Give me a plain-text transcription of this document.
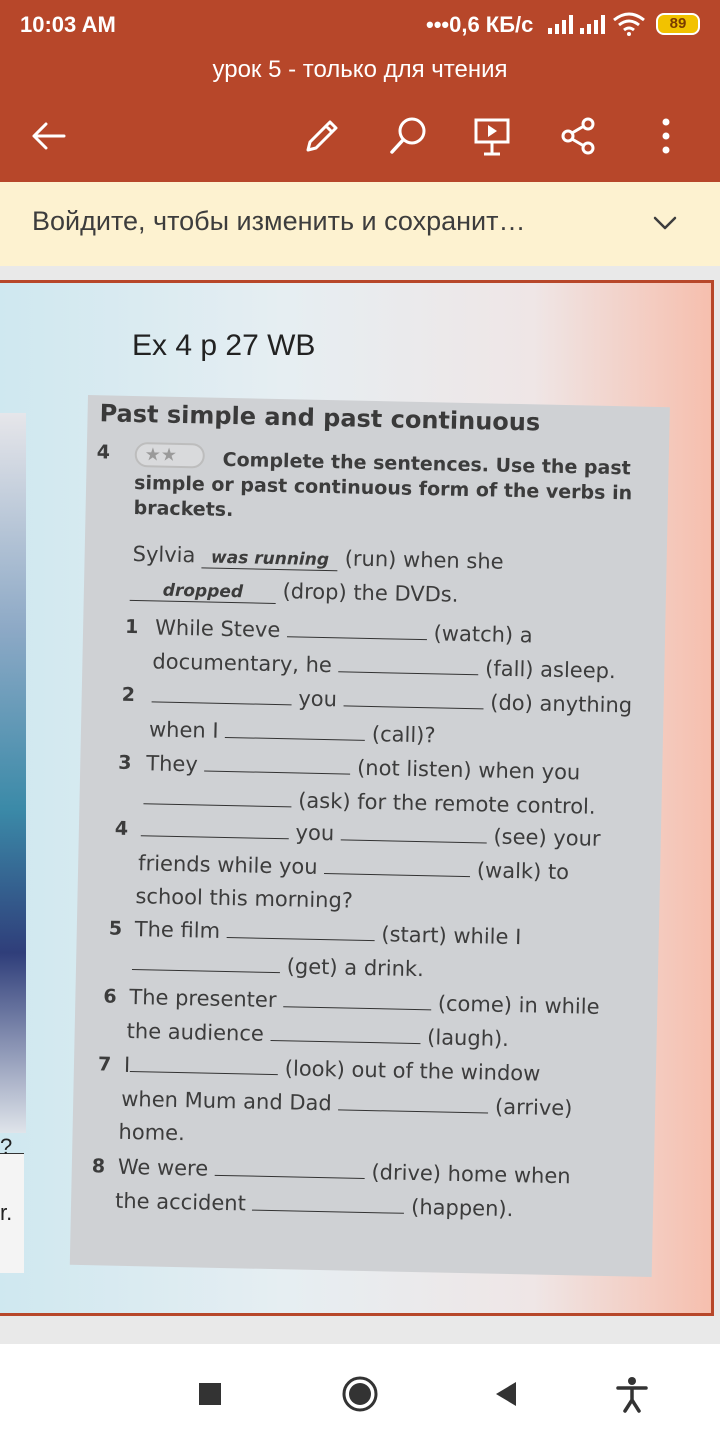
10:03 AM	•••0,6 КБ/с	89
урок 5 - только для чтения
Войдите, чтобы изменить и сохранит…
?
r.
Ex 4 p 27 WB
Past simple and past continuous
4	★★	Complete the sentences. Use the past simple or past continuous form of the verbs in brackets.
Sylvia was running (run) when she
dropped (drop) the DVDs.
1 While Steve	(watch) a
documentary, he	(fall) asleep.
2	you	(do) anything
when I	(call)?
3 They	(not listen) when you
(ask) for the remote control.
4	you	(see) your
friends while you	(walk) to
school this morning?
5 The film	(start) while I
(get) a drink.
6 The presenter	(come) in while
the audience	(laugh).
7 I	(look) out of the window
when Mum and Dad	(arrive)
home.
8 We were	(drive) home when
the accident	(happen).
